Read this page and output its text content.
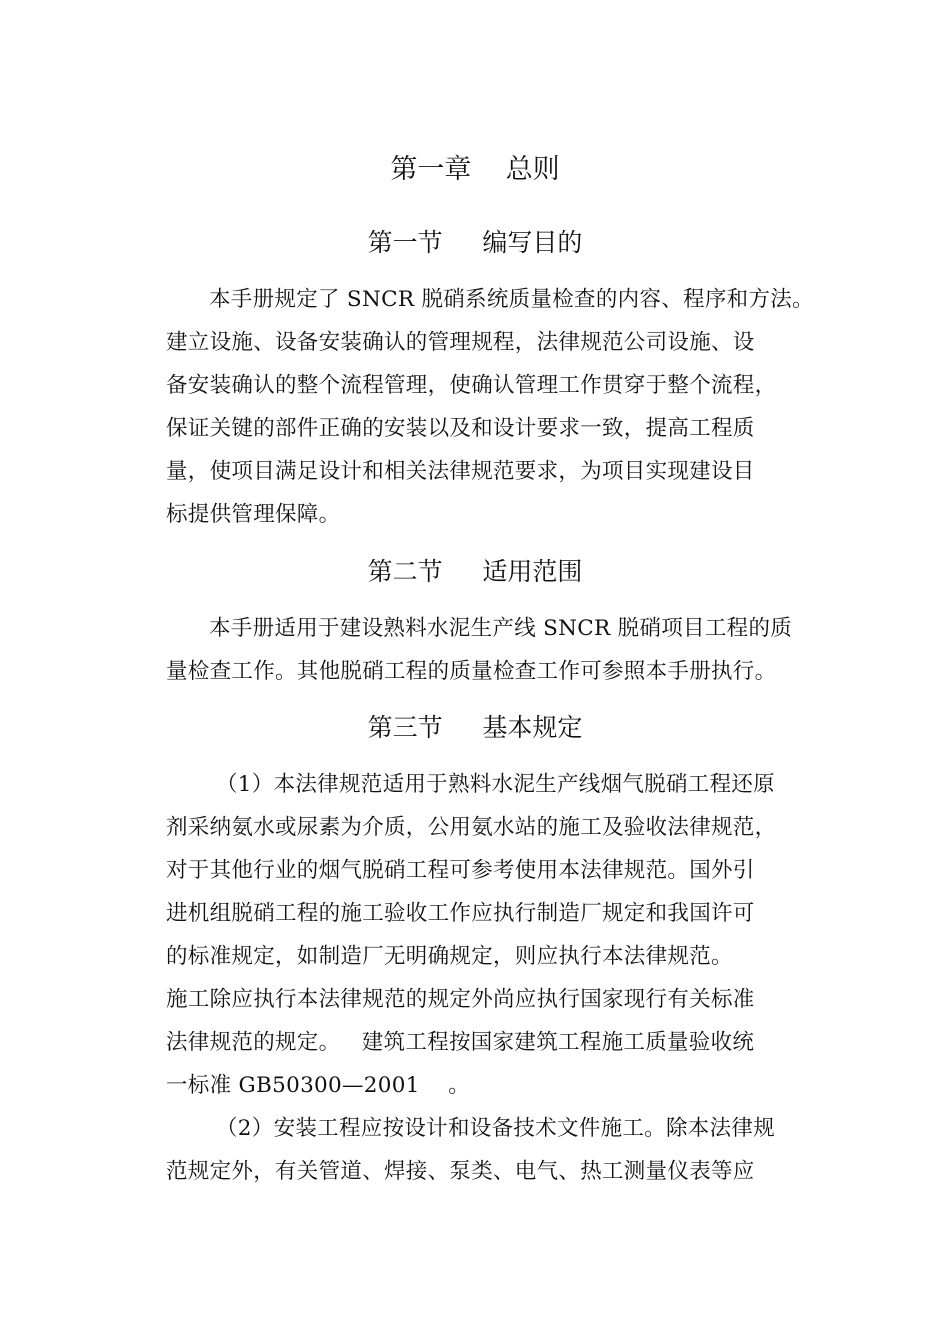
第一章    总则
第一节     编写目的
本手册规定了 SNCR 脱硝系统质量检查的内容、程序和方法。
建立设施、设备安装确认的管理规程，法律规范公司设施、设
备安装确认的整个流程管理，使确认管理工作贯穿于整个流程，
保证关键的部件正确的安装以及和设计要求一致，提高工程质
量，使项目满足设计和相关法律规范要求，为项目实现建设目
标提供管理保障。
第二节     适用范围
本手册适用于建设熟料水泥生产线 SNCR 脱硝项目工程的质
量检查工作。其他脱硝工程的质量检查工作可参照本手册执行。
第三节     基本规定
（1）本法律规范适用于熟料水泥生产线烟气脱硝工程还原
剂采纳氨水或尿素为介质，公用氨水站的施工及验收法律规范，
对于其他行业的烟气脱硝工程可参考使用本法律规范。国外引
进机组脱硝工程的施工验收工作应执行制造厂规定和我国许可
的标准规定，如制造厂无明确规定，则应执行本法律规范。
施工除应执行本法律规范的规定外尚应执行国家现行有关标准
法律规范的规定。   建筑工程按国家建筑工程施工质量验收统
一标准 GB50300—2001    。
（2）安装工程应按设计和设备技术文件施工。除本法律规
范规定外，有关管道、焊接、泵类、电气、热工测量仪表等应
